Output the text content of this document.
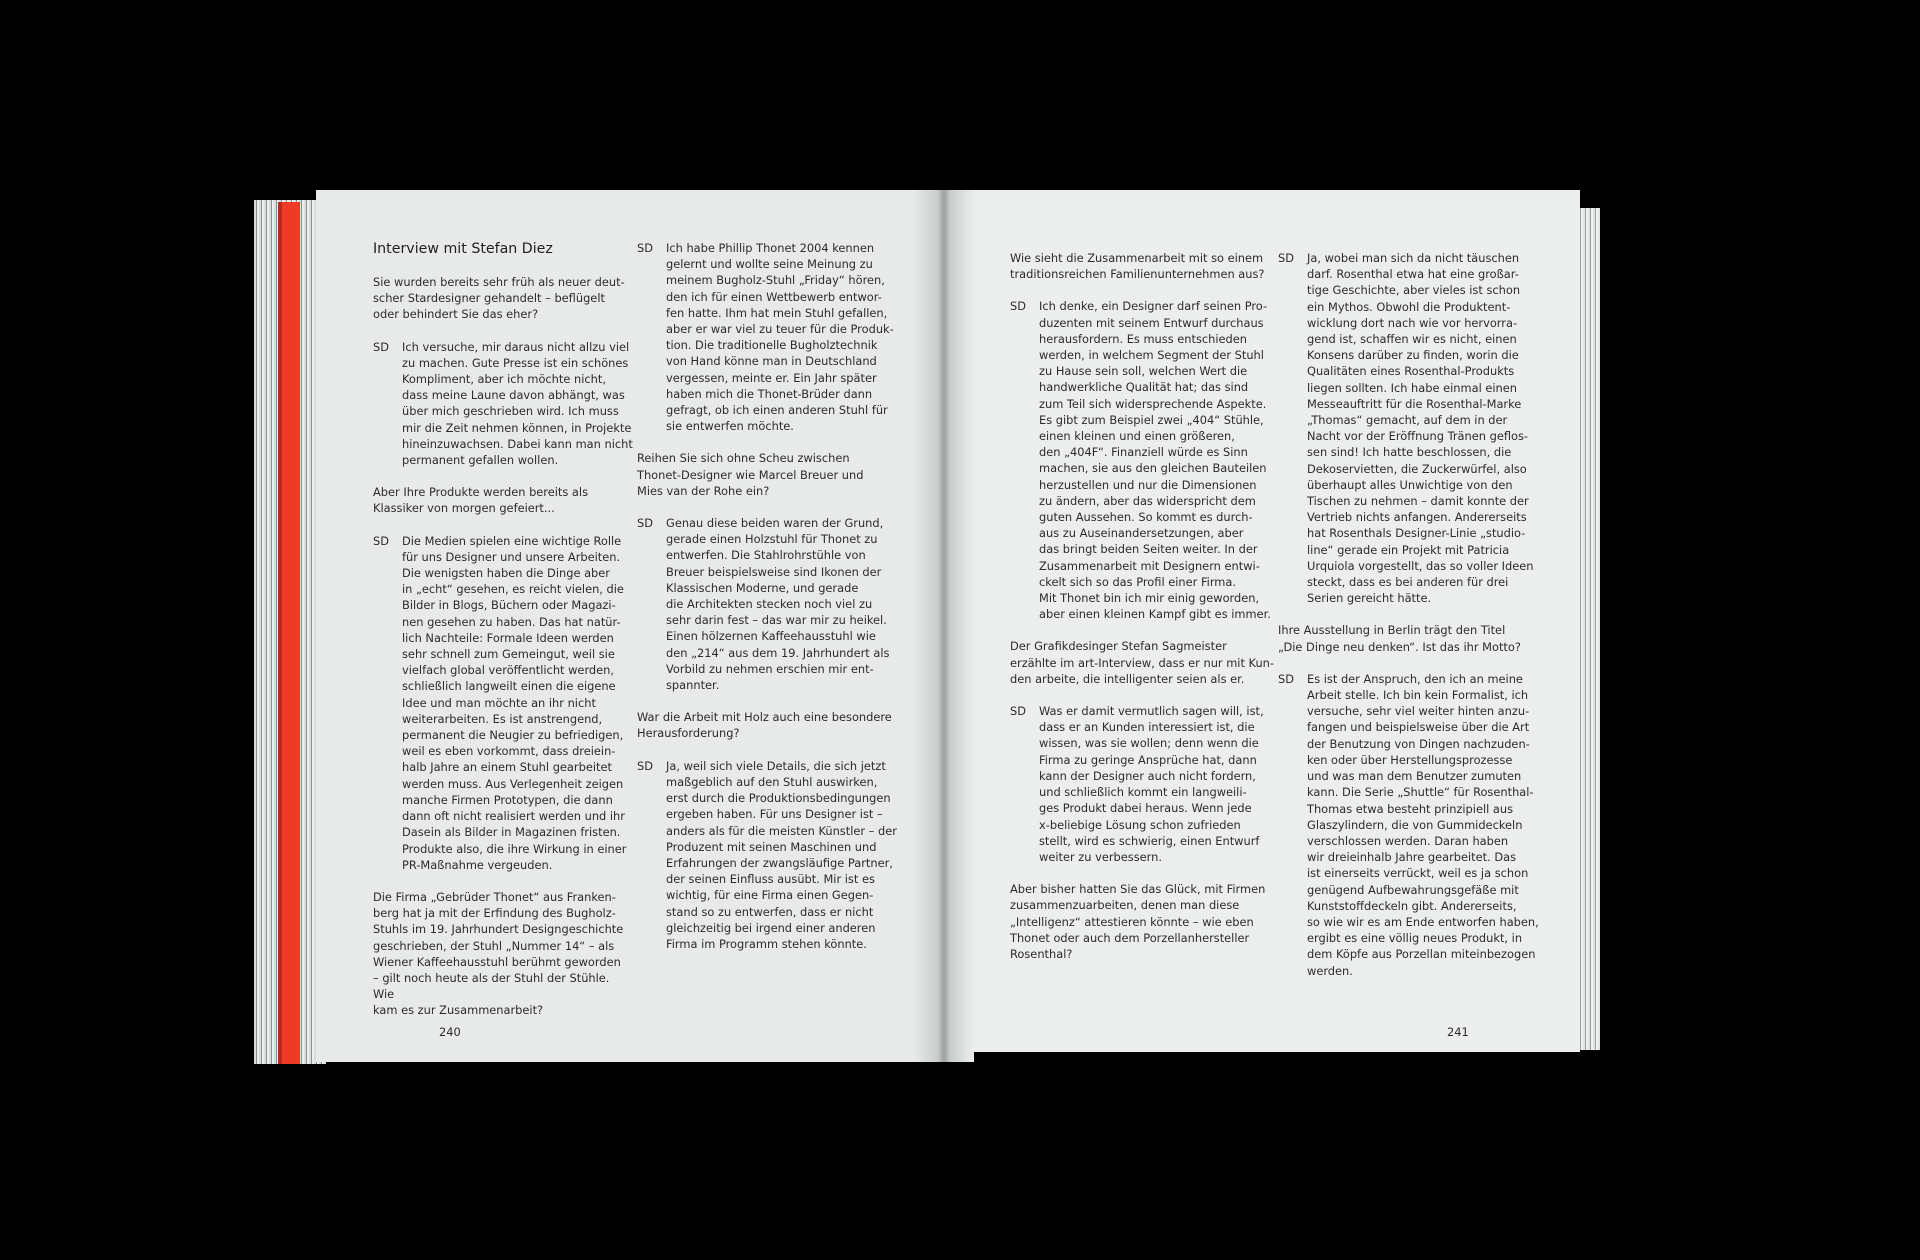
Interview mit Stefan Diez
Sie wurden bereits sehr früh als neuer deut-
scher Stardesigner gehandelt – beflügelt
oder behindert Sie das eher?
SD	Ich versuche, mir daraus nicht allzu viel
zu machen. Gute Presse ist ein schönes
Kompliment, aber ich möchte nicht,
dass meine Laune davon abhängt, was
über mich geschrieben wird. Ich muss
mir die Zeit nehmen können, in Projekte
hineinzuwachsen. Dabei kann man nicht
permanent gefallen wollen.
Aber Ihre Produkte werden bereits als
Klassiker von morgen gefeiert...
SD	Die Medien spielen eine wichtige Rolle
für uns Designer und unsere Arbeiten.
Die wenigsten haben die Dinge aber
in „echt“ gesehen, es reicht vielen, die
Bilder in Blogs, Büchern oder Magazi-
nen gesehen zu haben. Das hat natür-
lich Nachteile: Formale Ideen werden
sehr schnell zum Gemeingut, weil sie
vielfach global veröffentlicht werden,
schließlich langweilt einen die eigene
Idee und man möchte an ihr nicht
weiterarbeiten. Es ist anstrengend,
permanent die Neugier zu befriedigen,
weil es eben vorkommt, dass dreiein-
halb Jahre an einem Stuhl gearbeitet
werden muss. Aus Verlegenheit zeigen
manche Firmen Prototypen, die dann
dann oft nicht realisiert werden und ihr
Dasein als Bilder in Magazinen fristen.
Produkte also, die ihre Wirkung in einer
PR-Maßnahme vergeuden.
Die Firma „Gebrüder Thonet“ aus Franken-
berg hat ja mit der Erfindung des Bugholz-
Stuhls im 19. Jahrhundert Designgeschichte
geschrieben, der Stuhl „Nummer 14“ – als
Wiener Kaffeehausstuhl berühmt geworden
– gilt noch heute als der Stuhl der Stühle. Wie
kam es zur Zusammenarbeit?
SD	Ich habe Phillip Thonet 2004 kennen
gelernt und wollte seine Meinung zu
meinem Bugholz-Stuhl „Friday“ hören,
den ich für einen Wettbewerb entwor-
fen hatte. Ihm hat mein Stuhl gefallen,
aber er war viel zu teuer für die Produk-
tion. Die traditionelle Bugholztechnik
von Hand könne man in Deutschland
vergessen, meinte er. Ein Jahr später
haben mich die Thonet-Brüder dann
gefragt, ob ich einen anderen Stuhl für
sie entwerfen möchte.
Reihen Sie sich ohne Scheu zwischen
Thonet-Designer wie Marcel Breuer und
Mies van der Rohe ein?
SD	Genau diese beiden waren der Grund,
gerade einen Holzstuhl für Thonet zu
entwerfen. Die Stahlrohrstühle von
Breuer beispielsweise sind Ikonen der
Klassischen Moderne, und gerade
die Architekten stecken noch viel zu
sehr darin fest – das war mir zu heikel.
Einen hölzernen Kaffeehausstuhl wie
den „214“ aus dem 19. Jahrhundert als
Vorbild zu nehmen erschien mir ent-
spannter.
War die Arbeit mit Holz auch eine besondere
Herausforderung?
SD	Ja, weil sich viele Details, die sich jetzt
maßgeblich auf den Stuhl auswirken,
erst durch die Produktionsbedingungen
ergeben haben. Für uns Designer ist –
anders als für die meisten Künstler – der
Produzent mit seinen Maschinen und
Erfahrungen der zwangsläufige Partner,
der seinen Einfluss ausübt. Mir ist es
wichtig, für eine Firma einen Gegen-
stand so zu entwerfen, dass er nicht
gleichzeitig bei irgend einer anderen
Firma im Programm stehen könnte.
240
Wie sieht die Zusammenarbeit mit so einem
traditionsreichen Familienunternehmen aus?
SD	Ich denke, ein Designer darf seinen Pro-
duzenten mit seinem Entwurf durchaus
herausfordern. Es muss entschieden
werden, in welchem Segment der Stuhl
zu Hause sein soll, welchen Wert die
handwerkliche Qualität hat; das sind
zum Teil sich widersprechende Aspekte.
Es gibt zum Beispiel zwei „404“ Stühle,
einen kleinen und einen größeren,
den „404F“. Finanziell würde es Sinn
machen, sie aus den gleichen Bauteilen
herzustellen und nur die Dimensionen
zu ändern, aber das widerspricht dem
guten Aussehen. So kommt es durch-
aus zu Auseinandersetzungen, aber
das bringt beiden Seiten weiter. In der
Zusammenarbeit mit Designern entwi-
ckelt sich so das Profil einer Firma.
Mit Thonet bin ich mir einig geworden,
aber einen kleinen Kampf gibt es immer.
Der Grafikdesinger Stefan Sagmeister
erzählte im art-Interview, dass er nur mit Kun-
den arbeite, die intelligenter seien als er.
SD	Was er damit vermutlich sagen will, ist,
dass er an Kunden interessiert ist, die
wissen, was sie wollen; denn wenn die
Firma zu geringe Ansprüche hat, dann
kann der Designer auch nicht fordern,
und schließlich kommt ein langweili-
ges Produkt dabei heraus. Wenn jede
x-beliebige Lösung schon zufrieden
stellt, wird es schwierig, einen Entwurf
weiter zu verbessern.
Aber bisher hatten Sie das Glück, mit Firmen
zusammenzuarbeiten, denen man diese
„Intelligenz“ attestieren könnte – wie eben
Thonet oder auch dem Porzellanhersteller
Rosenthal?
SD	Ja, wobei man sich da nicht täuschen
darf. Rosenthal etwa hat eine großar-
tige Geschichte, aber vieles ist schon
ein Mythos. Obwohl die Produktent-
wicklung dort nach wie vor hervorra-
gend ist, schaffen wir es nicht, einen
Konsens darüber zu finden, worin die
Qualitäten eines Rosenthal-Produkts
liegen sollten. Ich habe einmal einen
Messeauftritt für die Rosenthal-Marke
„Thomas“ gemacht, auf dem in der
Nacht vor der Eröffnung Tränen geflos-
sen sind! Ich hatte beschlossen, die
Dekoservietten, die Zuckerwürfel, also
überhaupt alles Unwichtige von den
Tischen zu nehmen – damit konnte der
Vertrieb nichts anfangen. Andererseits
hat Rosenthals Designer-Linie „studio-
line“ gerade ein Projekt mit Patricia
Urquiola vorgestellt, das so voller Ideen
steckt, dass es bei anderen für drei
Serien gereicht hätte.
Ihre Ausstellung in Berlin trägt den Titel
„Die Dinge neu denken“. Ist das ihr Motto?
SD	Es ist der Anspruch, den ich an meine
Arbeit stelle. Ich bin kein Formalist, ich
versuche, sehr viel weiter hinten anzu-
fangen und beispielsweise über die Art
der Benutzung von Dingen nachzuden-
ken oder über Herstellungsprozesse
und was man dem Benutzer zumuten
kann. Die Serie „Shuttle“ für Rosenthal-
Thomas etwa besteht prinzipiell aus
Glaszylindern, die von Gummideckeln
verschlossen werden. Daran haben
wir dreieinhalb Jahre gearbeitet. Das
ist einerseits verrückt, weil es ja schon
genügend Aufbewahrungsgefäße mit
Kunststoffdeckeln gibt. Andererseits,
so wie wir es am Ende entworfen haben,
ergibt es eine völlig neues Produkt, in
dem Köpfe aus Porzellan miteinbezogen
werden.
241
